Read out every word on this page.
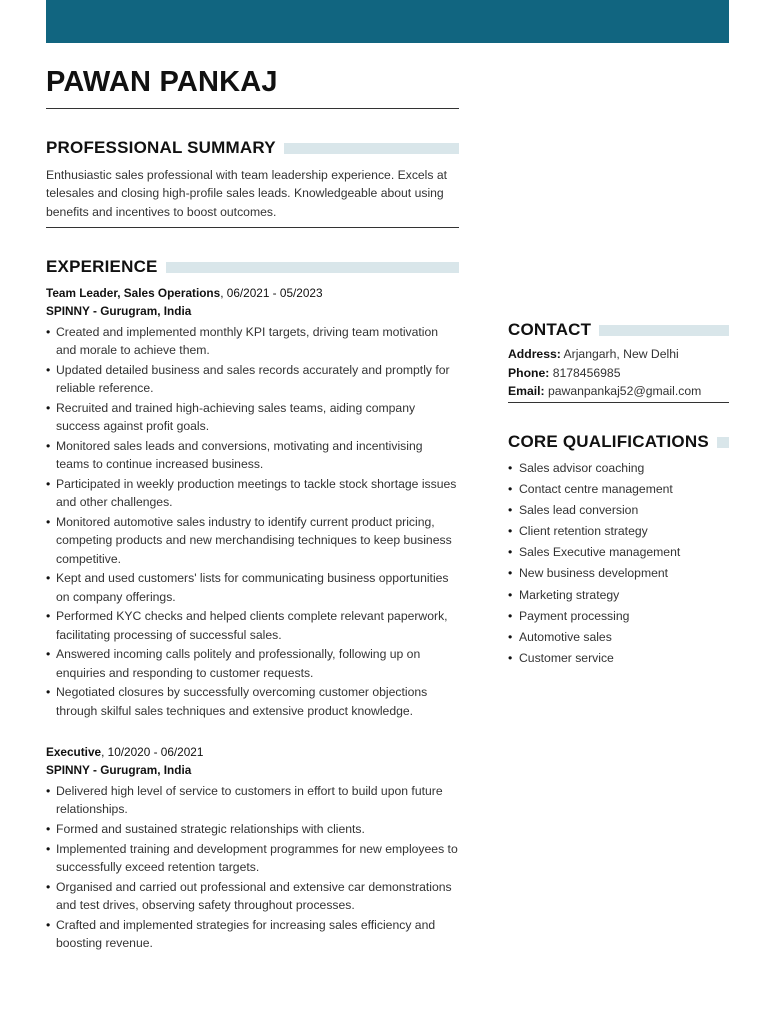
PAWAN PANKAJ
PROFESSIONAL SUMMARY

Enthusiastic sales professional with team leadership experience. Excels at telesales and closing high-profile sales leads. Knowledgeable about using benefits and incentives to boost outcomes.

EXPERIENCE
Team Leader, Sales Operations, 06/2021 - 05/2023
SPINNY - Gurugram, India
• Created and implemented monthly KPI targets, driving team motivation and morale to achieve them.
• Updated detailed business and sales records accurately and promptly for reliable reference.
• Recruited and trained high-achieving sales teams, aiding company success against profit goals.
• Monitored sales leads and conversions, motivating and incentivising teams to continue increased business.
• Participated in weekly production meetings to tackle stock shortage issues and other challenges.
• Monitored automotive sales industry to identify current product pricing, competing products and new merchandising techniques to keep business competitive.
• Kept and used customers' lists for communicating business opportunities on company offerings.
• Performed KYC checks and helped clients complete relevant paperwork, facilitating processing of successful sales.
• Answered incoming calls politely and professionally, following up on enquiries and responding to customer requests.
• Negotiated closures by successfully overcoming customer objections through skilful sales techniques and extensive product knowledge.
Executive, 10/2020 - 06/2021
SPINNY - Gurugram, India
• Delivered high level of service to customers in effort to build upon future relationships.
• Formed and sustained strategic relationships with clients.
• Implemented training and development programmes for new employees to successfully exceed retention targets.
• Organised and carried out professional and extensive car demonstrations and test drives, observing safety throughout processes.
• Crafted and implemented strategies for increasing sales efficiency and boosting revenue.
CONTACT
Address: Arjangarh, New Delhi
Phone: 8178456985
Email: pawanpankaj52@gmail.com
CORE QUALIFICATIONS
• Sales advisor coaching
• Contact centre management
• Sales lead conversion
• Client retention strategy
• Sales Executive management
• New business development
• Marketing strategy
• Payment processing
• Automotive sales
• Customer service
